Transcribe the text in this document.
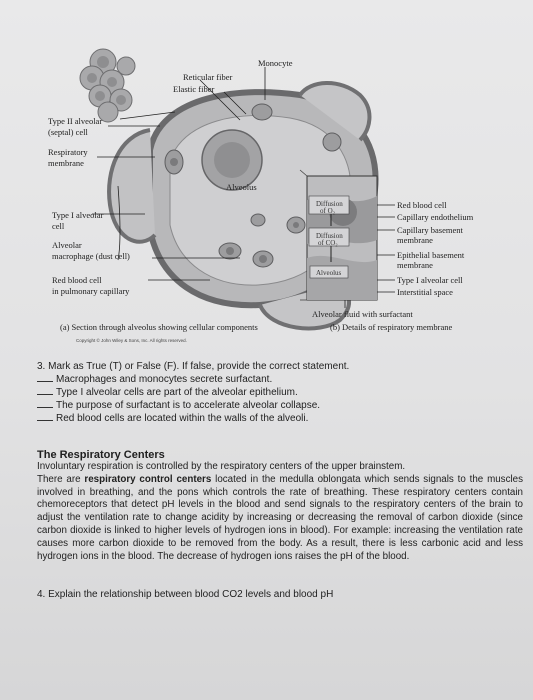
Monocyte
Reticular fiber
Elastic fiber
Type II alveolar
(septal) cell
Respiratory
membrane
Alveolus
Type I alveolar
cell
Alveolar
macrophage (dust cell)
Red blood cell
in pulmonary capillary
Diffusion
of O₂
Diffusion
of CO₂
Alveolus
Red blood cell
Capillary endothelium
Capillary basement
membrane
Epithelial basement
membrane
Type I alveolar cell
Interstitial space
Alveolar fluid with surfactant
(a) Section through alveolus showing cellular components	(b) Details of respiratory membrane
Copyright © John Wiley & Sons, Inc. All rights reserved.

3. Mark as True (T) or False (F). If false, provide the correct statement.

Macrophages and monocytes secrete surfactant.

Type I alveolar cells are part of the alveolar epithelium.

The purpose of surfactant is to accelerate alveolar collapse.

Red blood cells are located within the walls of the alveoli.

The Respiratory Centers

Involuntary respiration is controlled by the respiratory centers of the upper brainstem.

There are respiratory control centers located in the medulla oblongata which sends signals to the muscles involved in breathing, and the pons which controls the rate of breathing. These respiratory centers contain chemoreceptors that detect pH levels in the blood and send signals to the respiratory centers of the brain to adjust the ventilation rate to change acidity by increasing or decreasing the removal of carbon dioxide (since carbon dioxide is linked to higher levels of hydrogen ions in blood). For example: increasing the ventilation rate causes more carbon dioxide to be removed from the body. As a result, there is less carbonic acid and less hydrogen ions in the blood. The decrease of hydrogen ions raises the pH of the blood.

4. Explain the relationship between blood CO2 levels and blood pH
